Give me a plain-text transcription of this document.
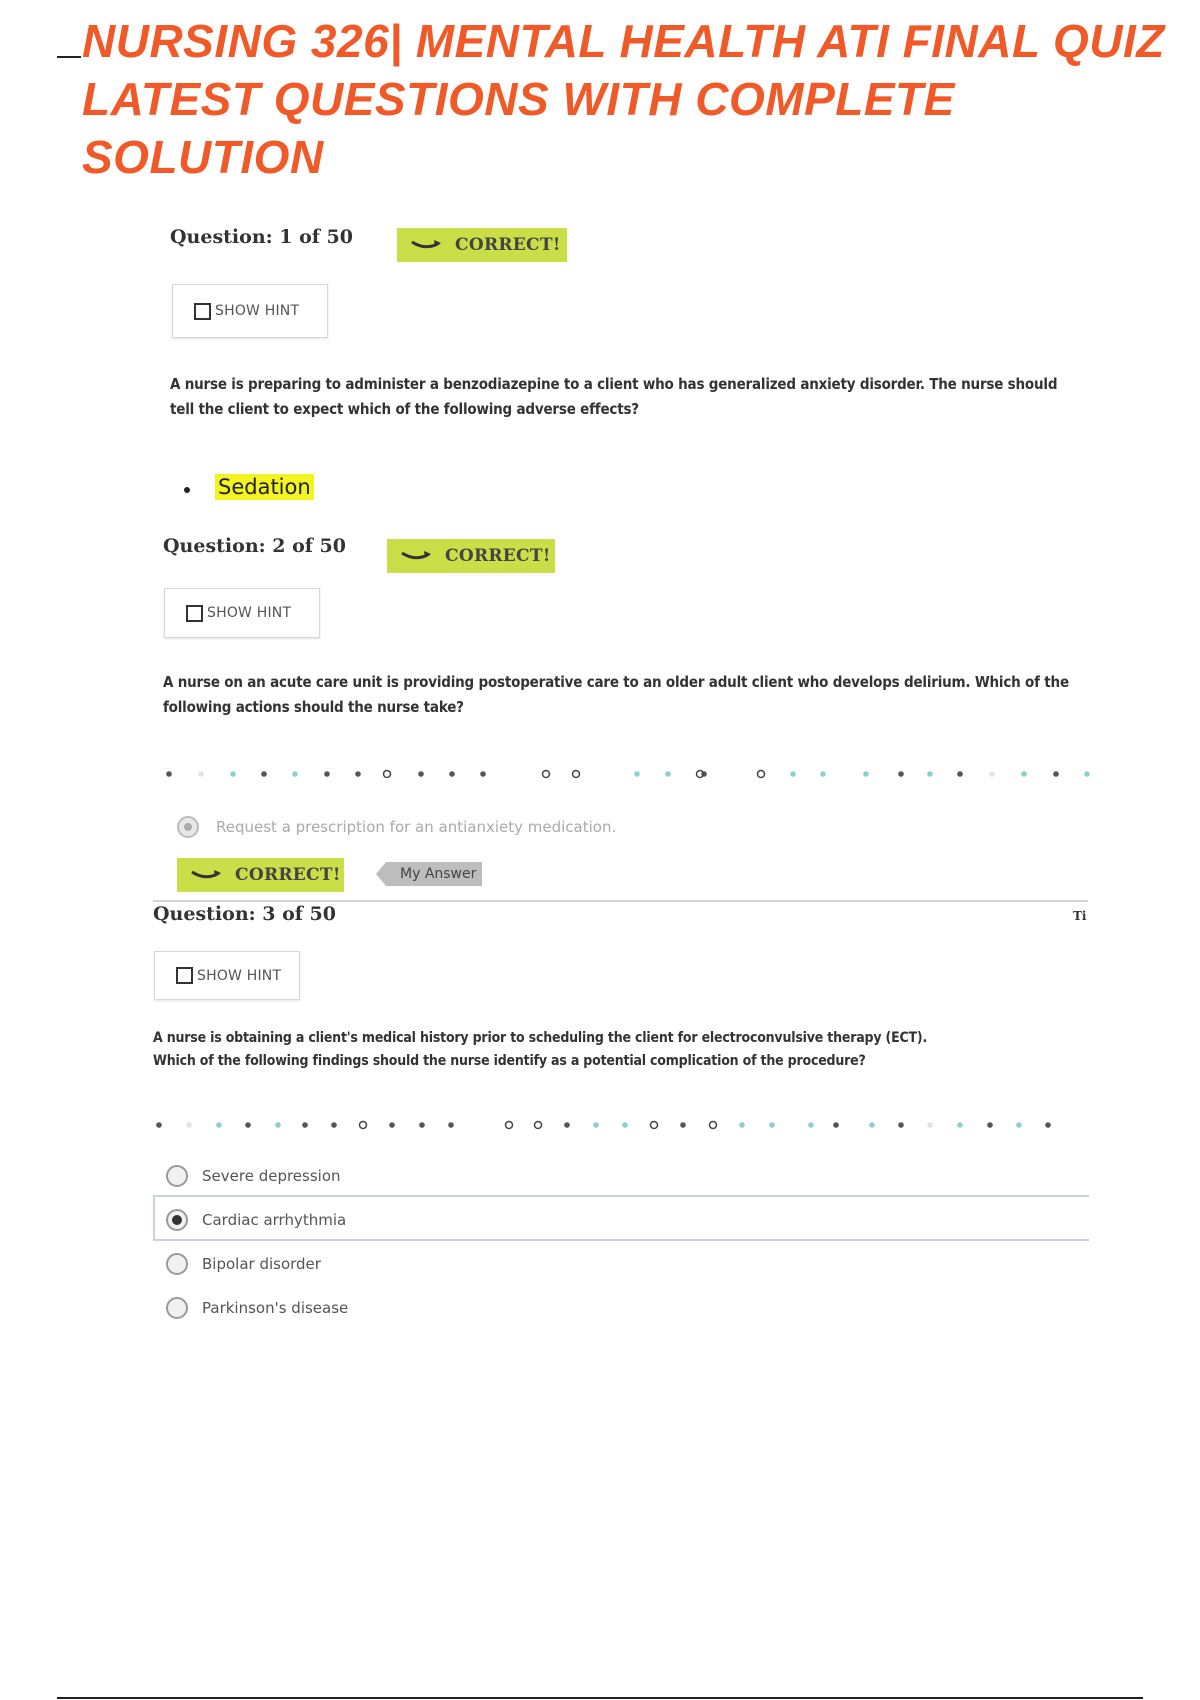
NURSING 326| MENTAL HEALTH ATI FINAL QUIZ
LATEST QUESTIONS WITH COMPLETE
SOLUTION
Question: 1 of 50	CORRECT!
SHOW HINT
A nurse is preparing to administer a benzodiazepine to a client who has generalized anxiety disorder. The nurse should tell the client to expect which of the following adverse effects?
Sedation
Question: 2 of 50	CORRECT!
SHOW HINT
A nurse on an acute care unit is providing postoperative care to an older adult client who develops delirium. Which of the following actions should the nurse take?
Request a prescription for an antianxiety medication.
CORRECT!	My Answer
Question: 3 of 50	Ti
SHOW HINT
A nurse is obtaining a client's medical history prior to scheduling the client for electroconvulsive therapy (ECT). Which of the following findings should the nurse identify as a potential complication of the procedure?
Severe depression
Cardiac arrhythmia
Bipolar disorder
Parkinson's disease
